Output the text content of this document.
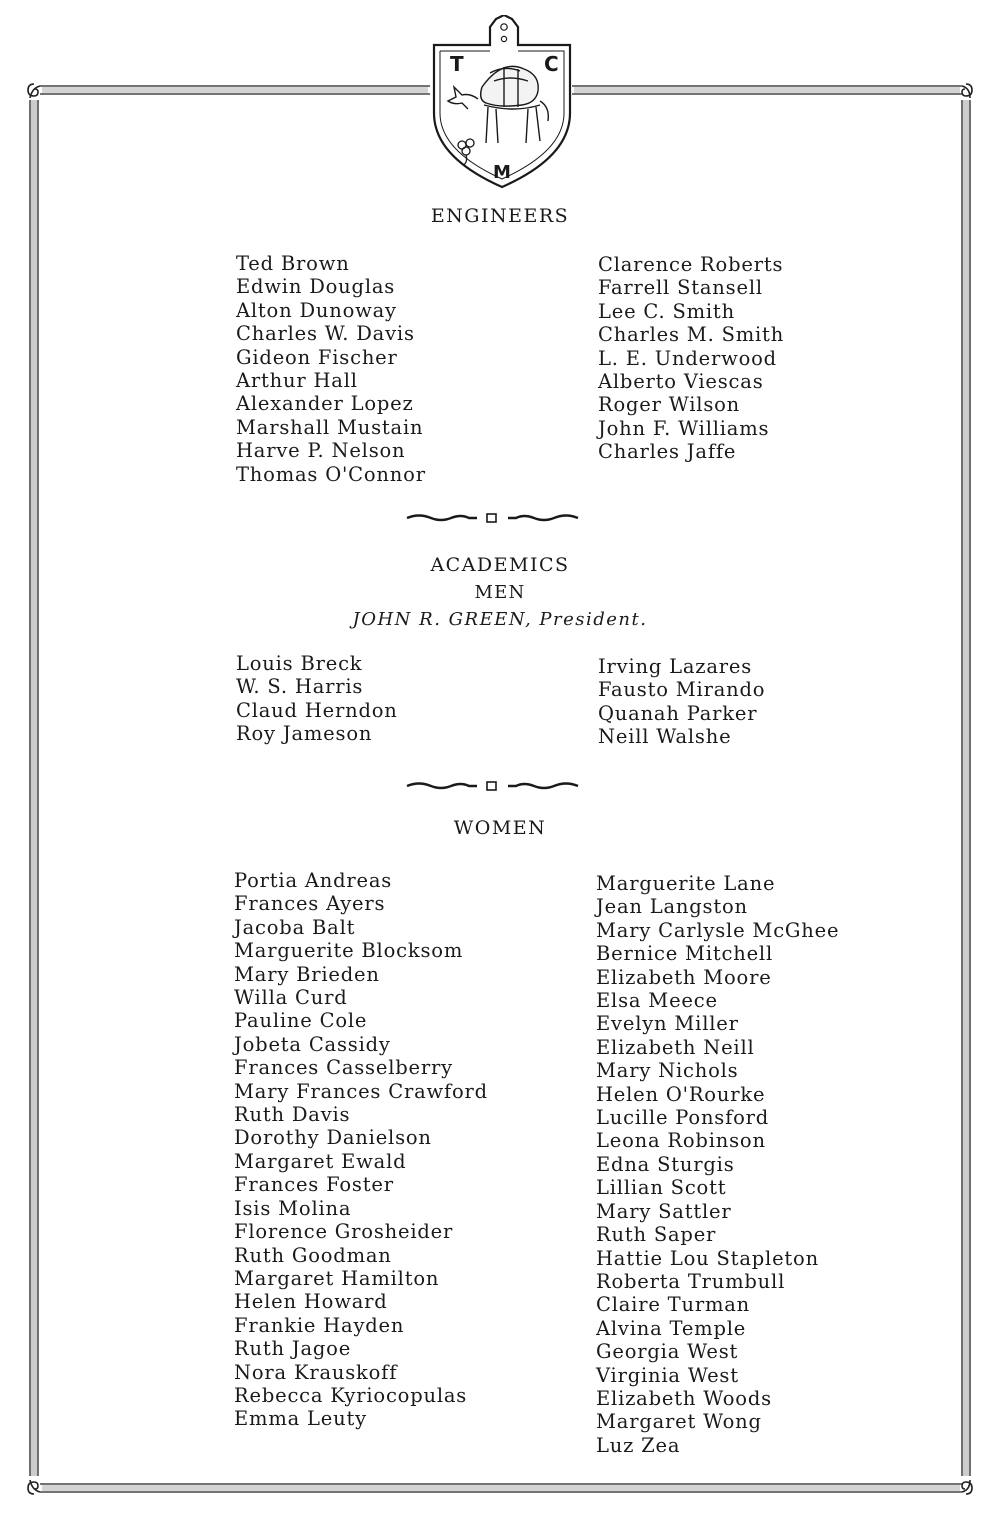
T	C
M
ENGINEERS
Ted Brown
Edwin Douglas
Alton Dunoway
Charles W. Davis
Gideon Fischer
Arthur Hall
Alexander Lopez
Marshall Mustain
Harve P. Nelson
Thomas O'Connor
Clarence Roberts
Farrell Stansell
Lee C. Smith
Charles M. Smith
L. E. Underwood
Alberto Viescas
Roger Wilson
John F. Williams
Charles Jaffe
ACADEMICS
MEN
JOHN R. GREEN, President.
Louis Breck
W. S. Harris
Claud Herndon
Roy Jameson
Irving Lazares
Fausto Mirando
Quanah Parker
Neill Walshe
WOMEN
Portia Andreas
Frances Ayers
Jacoba Balt
Marguerite Blocksom
Mary Brieden
Willa Curd
Pauline Cole
Jobeta Cassidy
Frances Casselberry
Mary Frances Crawford
Ruth Davis
Dorothy Danielson
Margaret Ewald
Frances Foster
Isis Molina
Florence Grosheider
Ruth Goodman
Margaret Hamilton
Helen Howard
Frankie Hayden
Ruth Jagoe
Nora Krauskoff
Rebecca Kyriocopulas
Emma Leuty
Marguerite Lane
Jean Langston
Mary Carlysle McGhee
Bernice Mitchell
Elizabeth Moore
Elsa Meece
Evelyn Miller
Elizabeth Neill
Mary Nichols
Helen O'Rourke
Lucille Ponsford
Leona Robinson
Edna Sturgis
Lillian Scott
Mary Sattler
Ruth Saper
Hattie Lou Stapleton
Roberta Trumbull
Claire Turman
Alvina Temple
Georgia West
Virginia West
Elizabeth Woods
Margaret Wong
Luz Zea
